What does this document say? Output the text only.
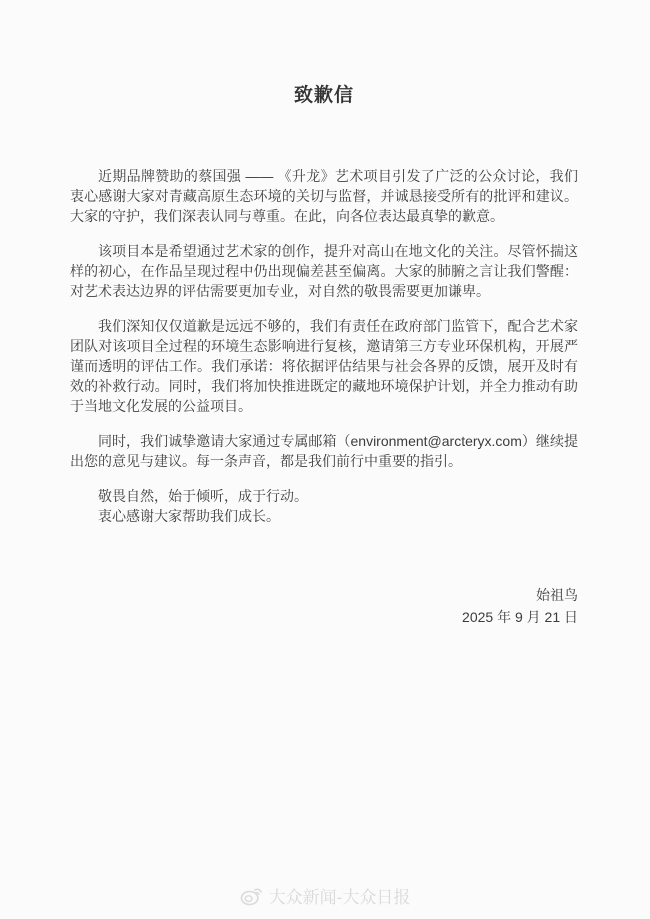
致歉信

近期品牌赞助的蔡国强 —— 《升龙》艺术项目引发了广泛的公众讨论，我们衷心感谢大家对青藏高原生态环境的关切与监督，并诚恳接受所有的批评和建议。大家的守护，我们深表认同与尊重。在此，向各位表达最真挚的歉意。

该项目本是希望通过艺术家的创作，提升对高山在地文化的关注。尽管怀揣这样的初心，在作品呈现过程中仍出现偏差甚至偏离。大家的肺腑之言让我们警醒：对艺术表达边界的评估需要更加专业，对自然的敬畏需要更加谦卑。

我们深知仅仅道歉是远远不够的，我们有责任在政府部门监管下，配合艺术家团队对该项目全过程的环境生态影响进行复核，邀请第三方专业环保机构，开展严谨而透明的评估工作。我们承诺：将依据评估结果与社会各界的反馈，展开及时有效的补救行动。同时，我们将加快推进既定的藏地环境保护计划，并全力推动有助于当地文化发展的公益项目。

同时，我们诚挚邀请大家通过专属邮箱（environment@arcteryx.com）继续提出您的意见与建议。每一条声音，都是我们前行中重要的指引。

敬畏自然，始于倾听，成于行动。

衷心感谢大家帮助我们成长。

始祖鸟
2025 年 9 月 21 日
大众新闻-大众日报
